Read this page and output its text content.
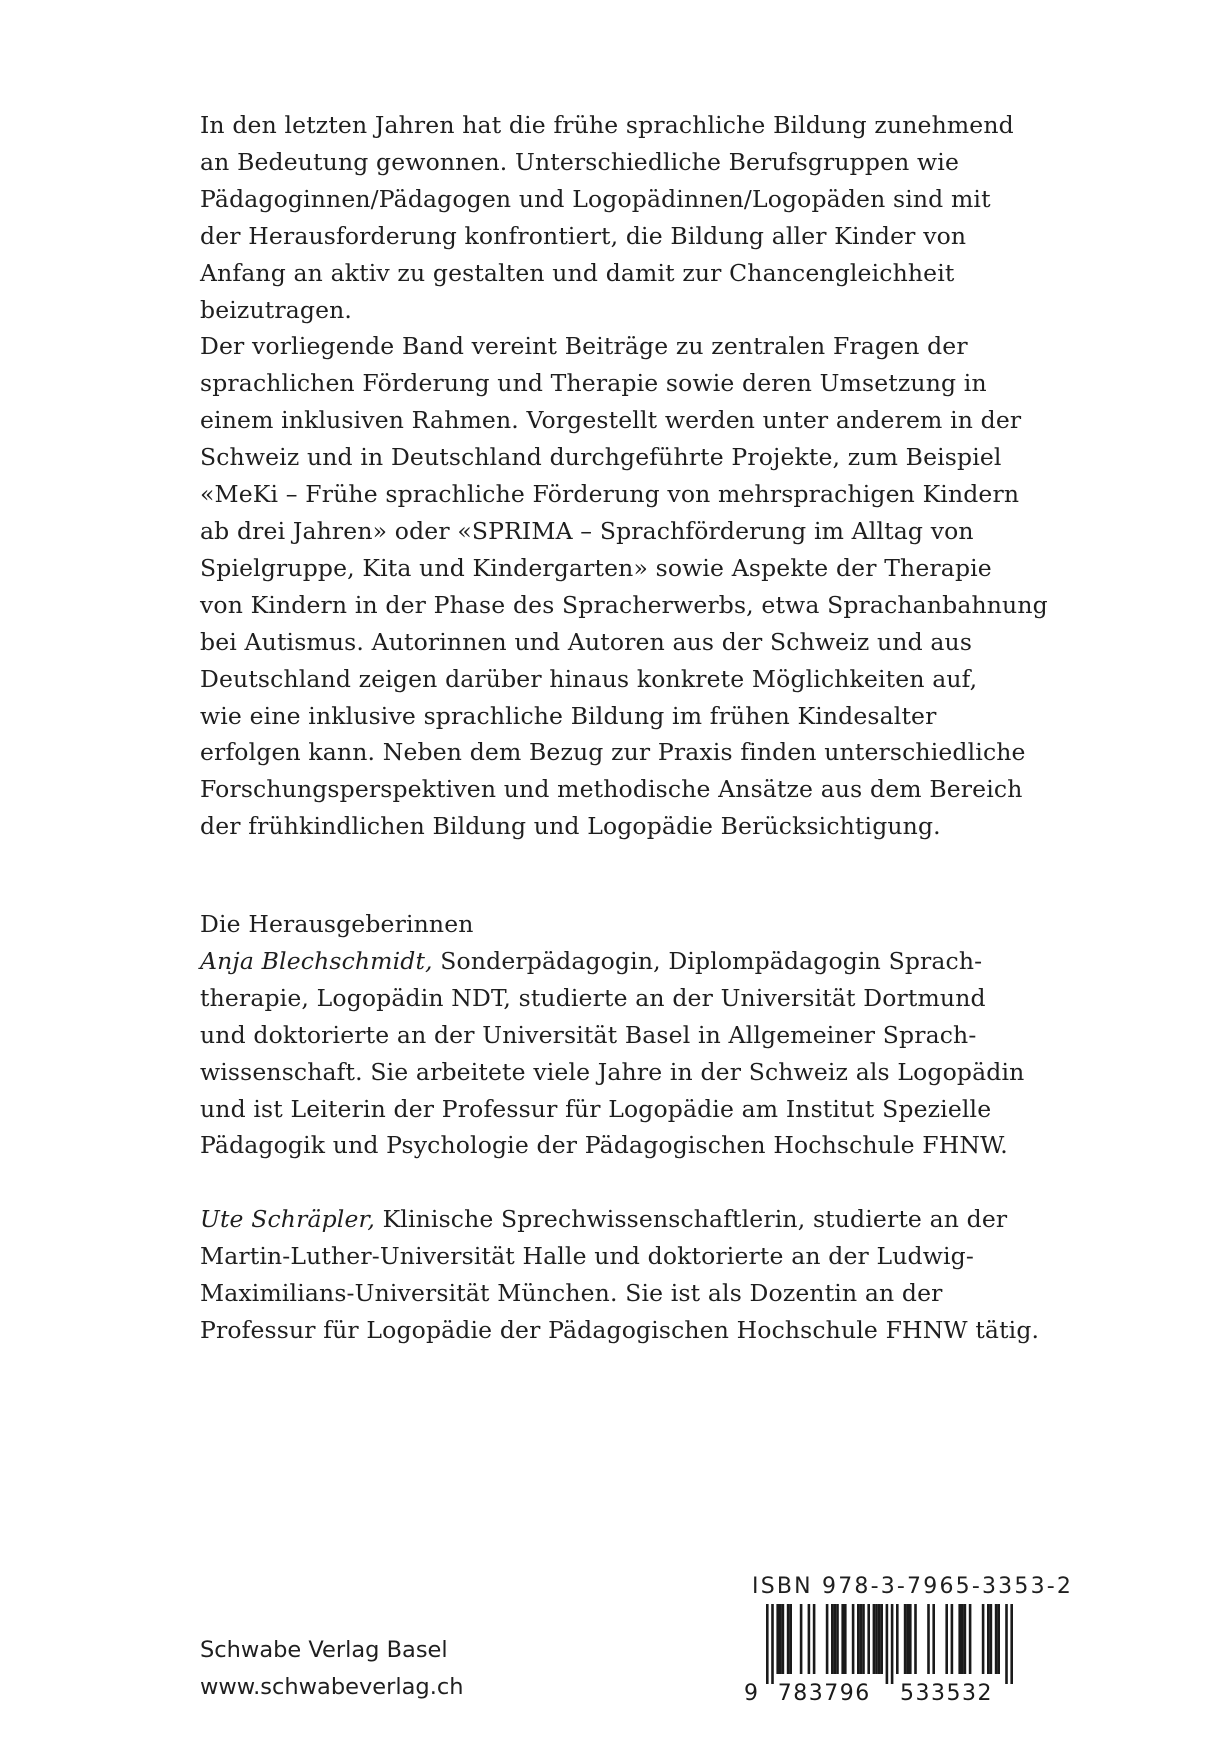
In den letzten Jahren hat die frühe sprachliche Bildung zunehmend
an Bedeutung gewonnen. Unterschiedliche Berufsgruppen wie
Pädagoginnen/Pädagogen und Logopädinnen/Logopäden sind mit
der Herausforderung konfrontiert, die Bildung aller Kinder von
Anfang an aktiv zu gestalten und damit zur Chancengleichheit
beizutragen.

Der vorliegende Band vereint Beiträge zu zentralen Fragen der
sprachlichen Förderung und Therapie sowie deren Umsetzung in
einem inklusiven Rahmen. Vorgestellt werden unter anderem in der
Schweiz und in Deutschland durchgeführte Projekte, zum Beispiel
«MeKi – Frühe sprachliche Förderung von mehrsprachigen Kindern
ab drei Jahren» oder «SPRIMA – Sprachförderung im Alltag von
Spielgruppe, Kita und Kindergarten» sowie Aspekte der Therapie
von Kindern in der Phase des Spracherwerbs, etwa Sprachanbahnung
bei Autismus. Autorinnen und Autoren aus der Schweiz und aus
Deutschland zeigen darüber hinaus konkrete Möglichkeiten auf,
wie eine inklusive sprachliche Bildung im frühen Kindesalter
erfolgen kann. Neben dem Bezug zur Praxis finden unterschiedliche
Forschungsperspektiven und methodische Ansätze aus dem Bereich
der frühkindlichen Bildung und Logopädie Berücksichtigung.

Die Herausgeberinnen

Anja Blechschmidt, Sonderpädagogin, Diplompädagogin Sprach-
therapie, Logopädin NDT, studierte an der Universität Dortmund
und doktorierte an der Universität Basel in Allgemeiner Sprach-
wissenschaft. Sie arbeitete viele Jahre in der Schweiz als Logopädin
und ist Leiterin der Professur für Logopädie am Institut Spezielle
Pädagogik und Psychologie der Pädagogischen Hochschule FHNW.

Ute Schräpler, Klinische Sprechwissenschaftlerin, studierte an der
Martin-Luther-Universität Halle und doktorierte an der Ludwig-
Maximilians-Universität München. Sie ist als Dozentin an der
Professur für Logopädie der Pädagogischen Hochschule FHNW tätig.

Schwabe Verlag Basel
www.schwabeverlag.ch
ISBN 978-3-7965-3353-2
9 783796 533532
